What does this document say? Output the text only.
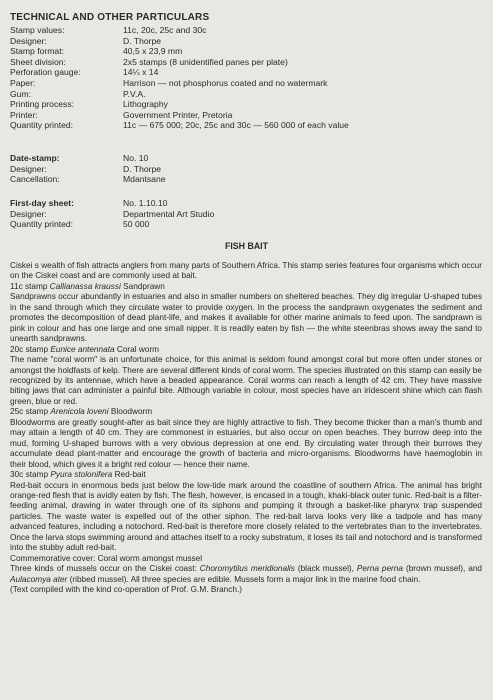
TECHNICAL AND OTHER PARTICULARS
Stamp values:	11c, 20c, 25c and 30c
Designer:	D. Thorpe
Stamp format:	40,5 x 23,9 mm
Sheet division:	2x5 stamps (8 unidentified panes per plate)
Perforation gauge:	14¼ x 14
Paper:	Harrison — not phosphorus coated and no watermark
Gum:	P.V.A.
Printing process:	Lithography
Printer:	Government Printer, Pretoria
Quantity printed:	11c — 675 000; 20c, 25c and 30c — 560 000 of each value
Date-stamp:	No. 10
Designer:	D. Thorpe
Cancellation:	Mdantsane
First-day sheet:	No. 1.10.10
Designer:	Departmental Art Studio
Quantity printed:	50 000
FISH BAIT

Ciskei s wealth of fish attracts anglers from many parts of Southern Africa. This stamp series features four organisms which occur on the Ciskei coast and are commonly used at bait.

11c stamp Callianassa kraussi Sandprawn

Sandprawns occur abundantly in estuaries and also in smaller numbers on sheltered beaches. They dig irregular U-shaped tubes in the sand through which they circulate water to provide oxygen. In the process the sandprawn oxygenates the sediment and promotes the decomposition of dead plant-life, and makes it available for other marine animals to feed upon. The sandprawn is pink in colour and has one large and one small nipper. It is readily eaten by fish — the white steenbras shows away the sand to unearth sandprawns.

20c stamp Eunice antennata Coral worm

The name "coral worm" is an unfortunate choice, for this animal is seldom found amongst coral but more often under stones or amongst the holdfasts of kelp. There are several different kinds of coral worm. The species illustrated on this stamp can easily be recognized by its antennae, which have a beaded appearance. Coral worms can reach a length of 42 cm. They have massive biting jaws that can administer a painful bite. Although variable in colour, most species have an iridescent shine which can flash green, blue or red.

25c stamp Arenicola loveni Bloodworm

Bloodworms are greatly sought-after as bait since they are highly attractive to fish. They become thicker than a man's thumb and may attain a length of 40 cm. They are commonest in estuaries, but also occur on open beaches. They burrow deep into the mud, forming U-shaped burrows with a very obvious depression at one end. By circulating water through their burrows they accumulate dead plant-matter and encourage the growth of bacteria and micro-organisms. Bloodworms have haemoglobin in their blood, which gives it a bright red colour — hence their name.

30c stamp Pyura stolonifera Red-bait

Red-bait occurs in enormous beds just below the low-tide mark around the coastline of southern Africa. The animal has bright orange-red flesh that is avidly eaten by fish. The flesh, however, is encased in a tough, khaki-black outer tunic. Red-bait is a filter-feeding animal, drawing in water through one of its siphons and pumping it through a basket-like pharynx trap suspended particles. The waste water is expelled out of the other siphon. The red-bait larva looks very like a tadpole and has many advanced features, including a notochord. Red-bait is therefore more closely related to the vertebrates than to the invertebrates. Once the larva stops swimming around and attaches itself to a rocky substratum, it loses its tail and notochord and is transformed into the stubby adult red-bait.

Commemorative cover: Coral worm amongst mussel

Three kinds of mussels occur on the Ciskei coast: Choromytilus meridionalis (black mussel), Perna perna (brown mussel), and Aulacomya ater (ribbed mussel). All three species are edible. Mussels form a major link in the marine food chain.

(Text compiled with the kind co-operation of Prof. G.M. Branch.)
